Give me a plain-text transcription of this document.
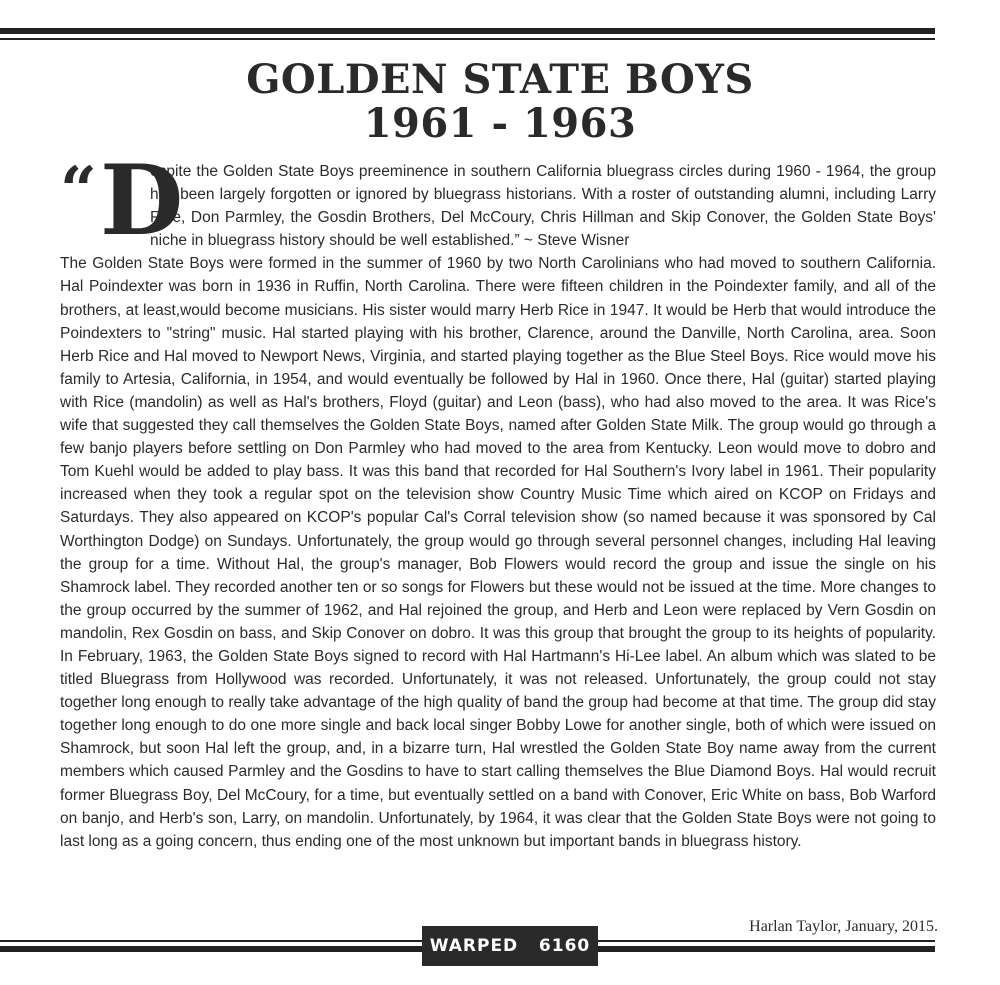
GOLDEN STATE BOYS
1961 - 1963
“ D
espite the Golden State Boys preeminence in southern California bluegrass circles during 1960 - 1964, the group has been largely forgotten or ignored by bluegrass historians. With a roster of outstanding alumni, including Larry Rice, Don Parmley, the Gosdin Brothers, Del McCoury, Chris Hillman and Skip Conover, the Golden State Boys' niche in bluegrass history should be well established.” ~ Steve Wisner

The Golden State Boys were formed in the summer of 1960 by two North Carolinians who had moved to southern California. Hal Poindexter was born in 1936 in Ruffin, North Carolina. There were fifteen children in the Poindexter family, and all of the brothers, at least,would become musicians. His sister would marry Herb Rice in 1947. It would be Herb that would introduce the Poindexters to "string" music. Hal started playing with his brother, Clarence, around the Danville, North Carolina, area. Soon Herb Rice and Hal moved to Newport News, Virginia, and started playing together as the Blue Steel Boys. Rice would move his family to Artesia, California, in 1954, and would eventually be followed by Hal in 1960. Once there, Hal (guitar) started playing with Rice (mandolin) as well as Hal's brothers, Floyd (guitar) and Leon (bass), who had also moved to the area. It was Rice's wife that suggested they call themselves the Golden State Boys, named after Golden State Milk. The group would go through a few banjo players before settling on Don Parmley who had moved to the area from Kentucky. Leon would move to dobro and Tom Kuehl would be added to play bass. It was this band that recorded for Hal Southern's Ivory label in 1961. Their popularity increased when they took a regular spot on the television show Country Music Time which aired on KCOP on Fridays and Saturdays. They also appeared on KCOP's popular Cal's Corral television show (so named because it was sponsored by Cal Worthington Dodge) on Sundays. Unfortunately, the group would go through several personnel changes, including Hal leaving the group for a time. Without Hal, the group's manager, Bob Flowers would record the group and issue the single on his Shamrock label. They recorded another ten or so songs for Flowers but these would not be issued at the time. More changes to the group occurred by the summer of 1962, and Hal rejoined the group, and Herb and Leon were replaced by Vern Gosdin on mandolin, Rex Gosdin on bass, and Skip Conover on dobro. It was this group that brought the group to its heights of popularity. In February, 1963, the Golden State Boys signed to record with Hal Hartmann's Hi-Lee label. An album which was slated to be titled Bluegrass from Hollywood was recorded. Unfortunately, it was not released. Unfortunately, the group could not stay together long enough to really take advantage of the high quality of band the group had become at that time. The group did stay together long enough to do one more single and back local singer Bobby Lowe for another single, both of which were issued on Shamrock, but soon Hal left the group, and, in a bizarre turn, Hal wrestled the Golden State Boy name away from the current members which caused Parmley and the Gosdins to have to start calling themselves the Blue Diamond Boys. Hal would recruit former Bluegrass Boy, Del McCoury, for a time, but eventually settled on a band with Conover, Eric White on bass, Bob Warford on banjo, and Herb's son, Larry, on mandolin. Unfortunately, by 1964, it was clear that the Golden State Boys were not going to last long as a going concern, thus ending one of the most unknown but important bands in bluegrass history.

Harlan Taylor, January, 2015.
WARPED   6160
